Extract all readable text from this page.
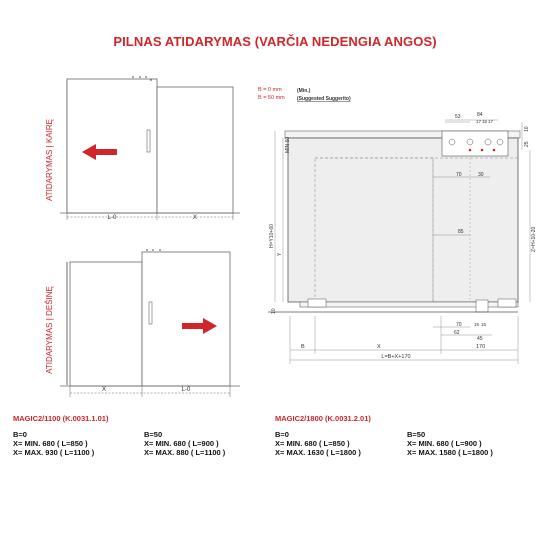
PILNAS ATIDARYMAS (VARČIA NEDENGIA ANGOS)
L-0	X
ATIDARYMAS Į KAIRĘ
X	L-0
ATIDARYMAS Į DEŠINĘ
B = 0 mm	(Min.)
B = 50 mm (Suggested Suggerito)
53	84
17 15 17
10
25
70	30
85
MIN 60
H=Y10+60
Y
Z=H+10-20
10
70	15 15
62
45
B	X	170
L=B+X+170
MAGIC2/1100 (K.0031.1.01)
B=0
X= MIN. 680 ( L=850 )
X= MAX. 930 ( L=1100 )
B=50
X= MIN. 680 ( L=900 )
X= MAX. 880 ( L=1100 )
MAGIC2/1800 (K.0031.2.01)
B=0
X= MIN. 680 ( L=850 )
X= MAX. 1630 ( L=1800 )
B=50
X= MIN. 680 ( L=900 )
X= MAX. 1580 ( L=1800 )
